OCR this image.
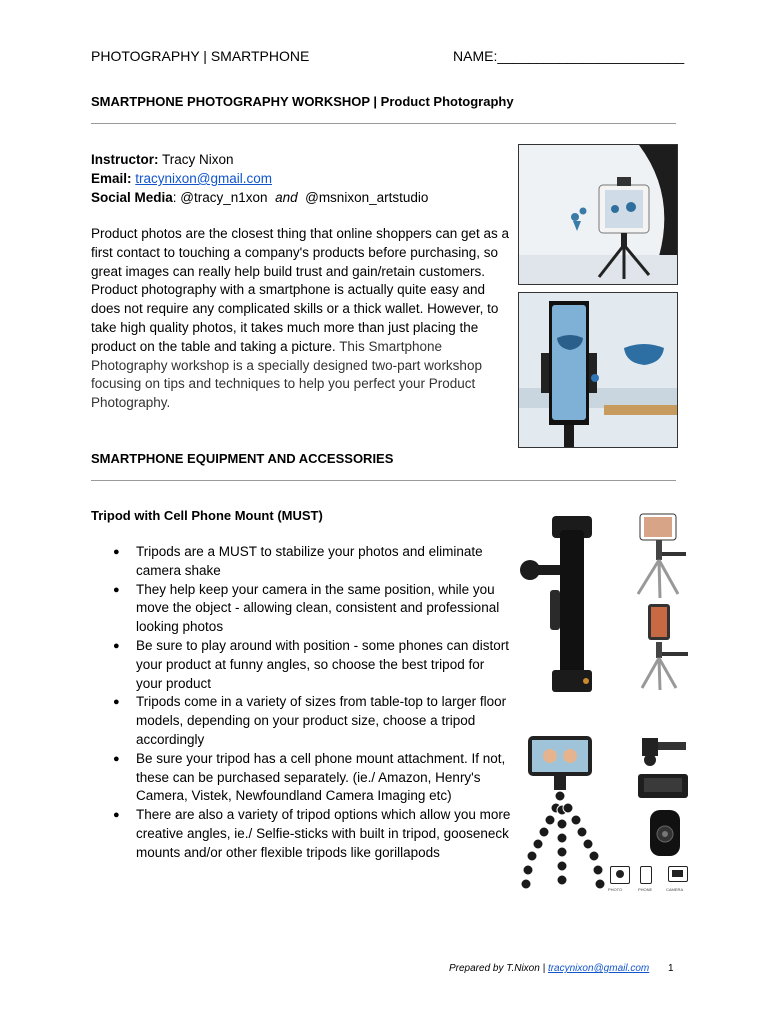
PHOTOGRAPHY | SMARTPHONE	NAME:________________________
SMARTPHONE PHOTOGRAPHY WORKSHOP | Product Photography
Instructor: Tracy Nixon
Email: tracynixon@gmail.com
Social Media: @tracy_n1xon and @msnixon_artstudio
Product photos are the closest thing that online shoppers can get as a first contact to touching a company's products before purchasing, so great images can really help build trust and gain/retain customers. Product photography with a smartphone is actually quite easy and does not require any complicated skills or a thick wallet. However, to take high quality photos, it takes much more than just placing the product on the table and taking a picture. This Smartphone Photography workshop is a specially designed two-part workshop focusing on tips and techniques to help you perfect your Product Photography.
SMARTPHONE EQUIPMENT AND ACCESSORIES
Tripod with Cell Phone Mount (MUST)
● Tripods are a MUST to stabilize your photos and eliminate camera shake
● They help keep your camera in the same position, while you move the object - allowing clean, consistent and professional looking photos
● Be sure to play around with position - some phones can distort your product at funny angles, so choose the best tripod for your product
● Tripods come in a variety of sizes from table-top to larger floor models, depending on your product size, choose a tripod accordingly
● Be sure your tripod has a cell phone mount attachment. If not, these can be purchased separately. (ie./ Amazon, Henry's Camera, Vistek, Newfoundland Camera Imaging etc)
● There are also a variety of tripod options which allow you more creative angles, ie./ Selfie-sticks with built in tripod, gooseneck mounts and/or other flexible tripods like gorillapods
PHOTO	PHONE	CAMERA
Prepared by T.Nixon | tracynixon@gmail.com 1
